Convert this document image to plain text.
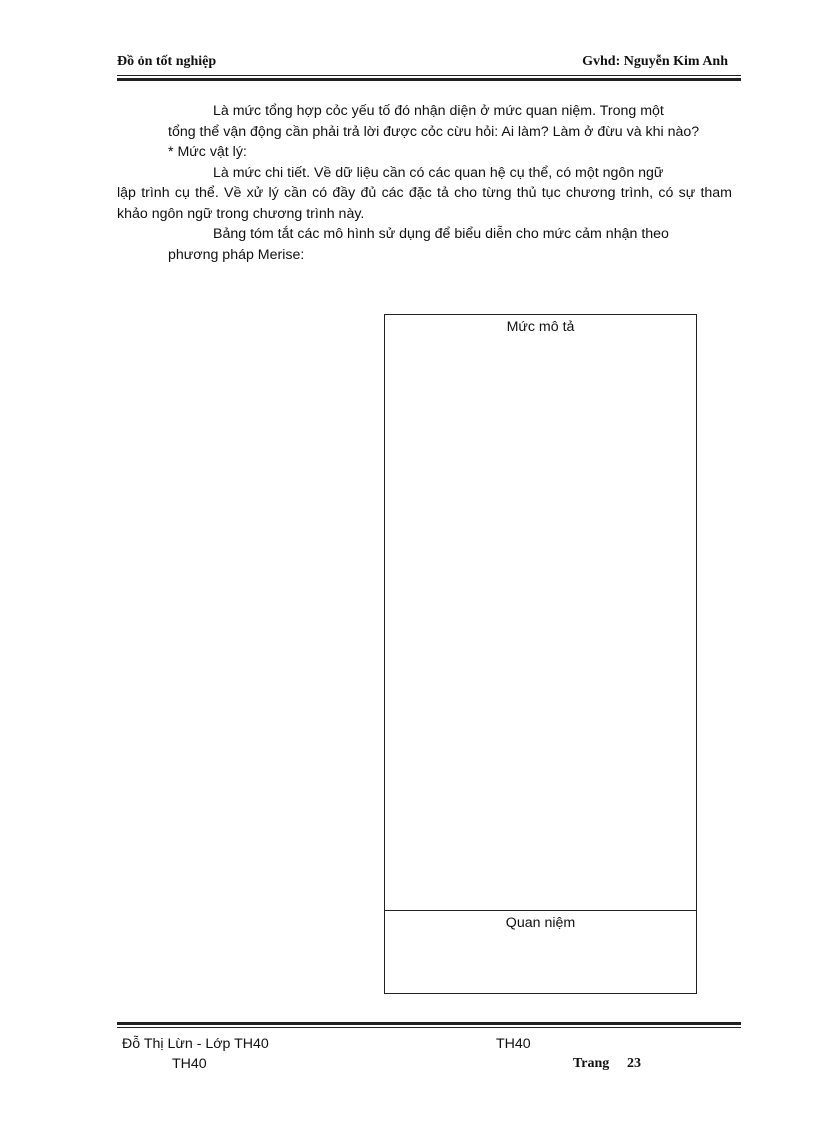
Đồ ỏn tốt nghiệp	Gvhd: Nguyễn Kim Anh

Là mức tổng hợp cỏc yếu tố đó nhận diện ở mức quan niệm. Trong một

tổng thể vận động cần phải trả lời được cỏc cừu hỏi: Ai làm? Làm ở đừu và khi nào?

* Mức vật lý:

Là mức chi tiết. Về dữ liệu cần có các quan hệ cụ thể, có một ngôn ngữ

lập trình cụ thể. Về xử lý cần có đầy đủ các đặc tả cho từng thủ tục chương trình, có sự tham khảo ngôn ngữ trong chương trình này.

Bảng tóm tắt các mô hình sử dụng để biểu diễn cho mức cảm nhận theo

phương pháp Merise:

Mức mô tả
Quan niệm
Đỗ Thị Lừn - Lớp TH40	TH40
TH40	Trang 23
